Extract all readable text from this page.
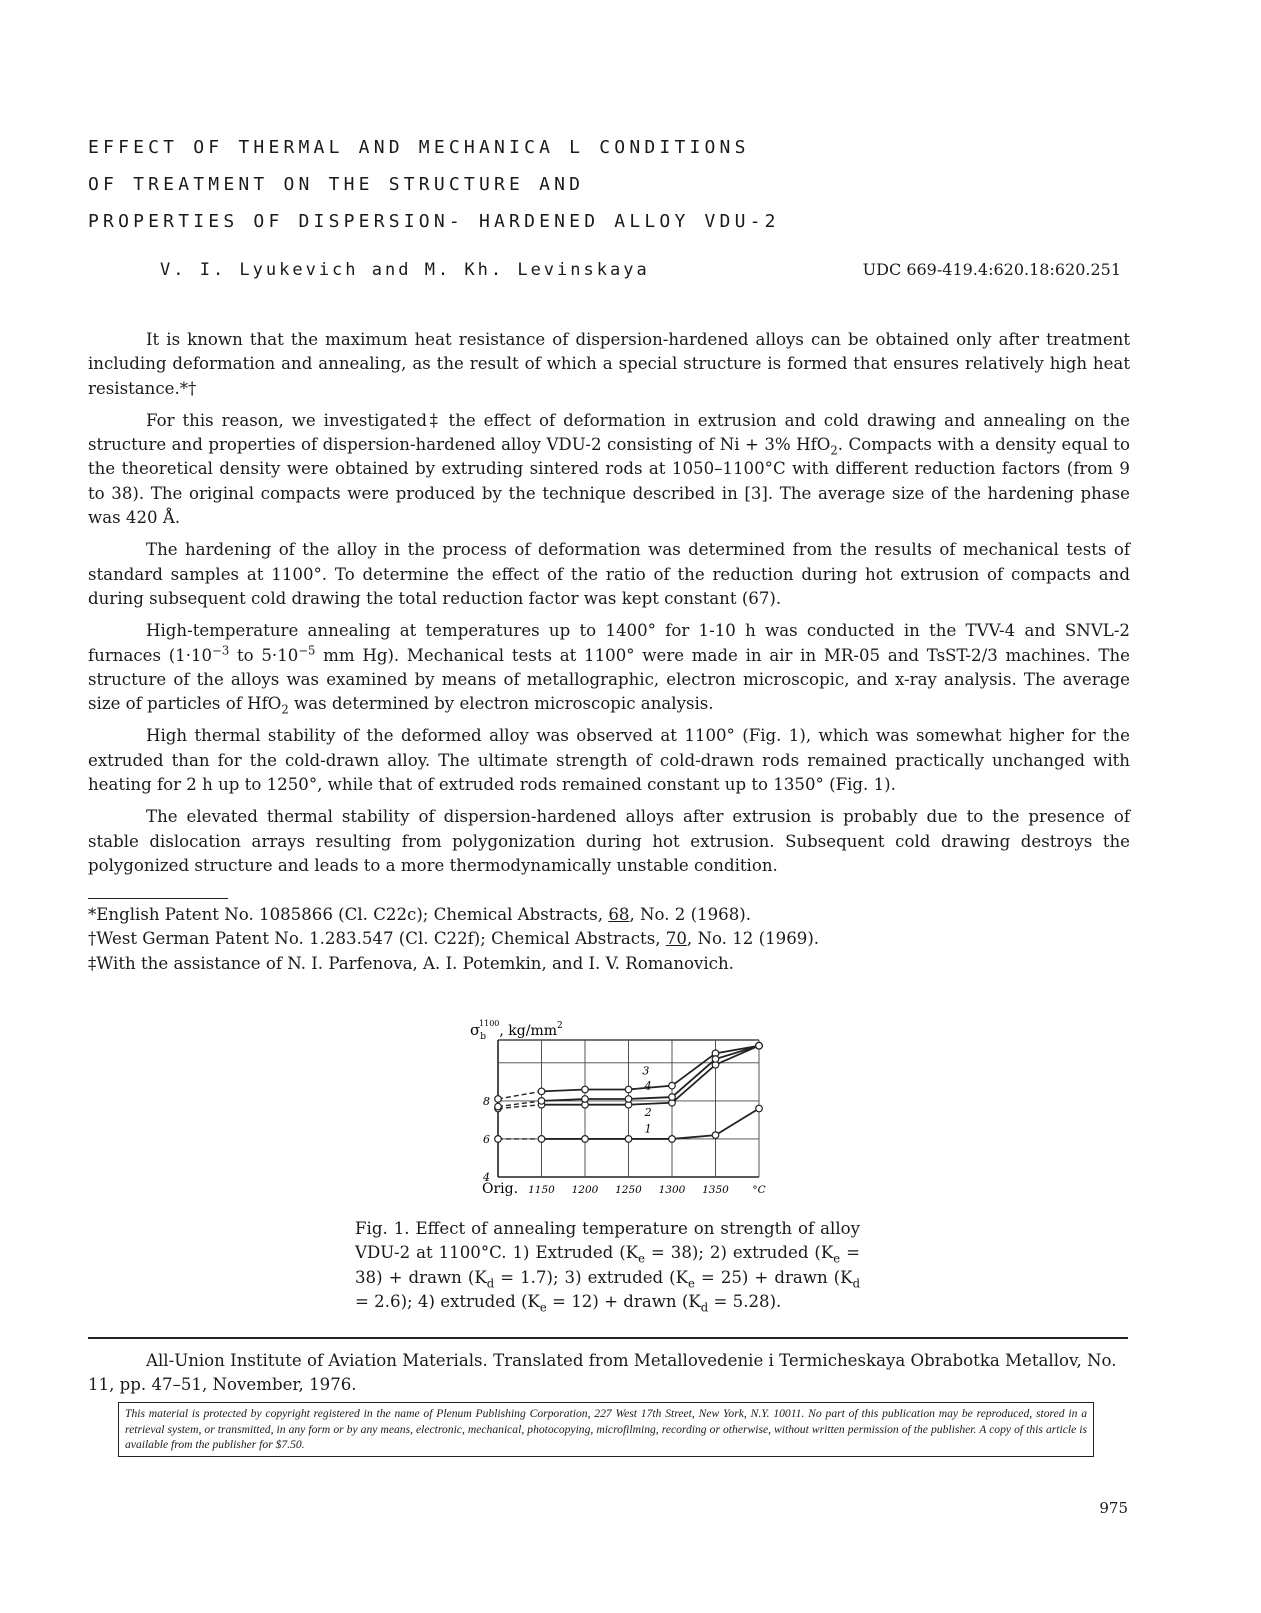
EFFECT OF THERMAL AND MECHANICA L CONDITIONS
OF TREATMENT ON THE STRUCTURE AND
PROPERTIES OF DISPERSION- HARDENED ALLOY VDU-2
V. I. Lyukevich and M. Kh. Levinskaya	UDC 669-419.4:620.18:620.251

It is known that the maximum heat resistance of dispersion-hardened alloys can be obtained only after treatment including deformation and annealing, as the result of which a special structure is formed that ensures relatively high heat resistance.*†

For this reason, we investigated‡ the effect of deformation in extrusion and cold drawing and annealing on the structure and properties of dispersion-hardened alloy VDU-2 consisting of Ni + 3% HfO$_2$. Compacts with a density equal to the theoretical density were obtained by extruding sintered rods at 1050–1100°C with different reduction factors (from 9 to 38). The original compacts were produced by the technique described in [3]. The average size of the hardening phase was 420 Å.

The hardening of the alloy in the process of deformation was determined from the results of mechanical tests of standard samples at 1100°. To determine the effect of the ratio of the reduction during hot extrusion of compacts and during subsequent cold drawing the total reduction factor was kept constant (67).

High-temperature annealing at temperatures up to 1400° for 1-10 h was conducted in the TVV-4 and SNVL-2 furnaces ($1\cdot 10^{-3}$ to $5\cdot 10^{-5}$ mm Hg). Mechanical tests at 1100° were made in air in MR-05 and TsST-2/3 machines. The structure of the alloys was examined by means of metallographic, electron microscopic, and x-ray analysis. The average size of particles of HfO$_2$ was determined by electron microscopic analysis.

High thermal stability of the deformed alloy was observed at 1100° (Fig. 1), which was somewhat higher for the extruded than for the cold-drawn alloy. The ultimate strength of cold-drawn rods remained practically unchanged with heating for 2 h up to 1250°, while that of extruded rods remained constant up to 1350° (Fig. 1).

The elevated thermal stability of dispersion-hardened alloys after extrusion is probably due to the presence of stable dislocation arrays resulting from polygonization during hot extrusion. Subsequent cold drawing destroys the polygonized structure and leads to a more thermodynamically unstable condition.

*English Patent No. 1085866 (Cl. C22c); Chemical Abstracts, 68, No. 2 (1968).
†West German Patent No. 1.283.547 (Cl. C22f); Chemical Abstracts, 70, No. 12 (1969).
‡With the assistance of N. I. Parfenova, A. I. Potemkin, and I. V. Romanovich.
$\sigma_b1100$, $kg/mm^2$
8
6
4
Orig. 1150 1200 1250 1300 1350 °C
3
4
2
1
Fig. 1. Effect of annealing temperature on strength of alloy VDU-2 at 1100°C. 1) Extruded $(K_e = 38)$; 2) extruded $(K_e = 38)$ + drawn $(K_d = 1.7)$; 3) extruded $(K_e = 25)$ + drawn $(K_d = 2.6)$; 4) extruded $(K_e = 12)$ + drawn $(K_d = 5.28)$.

All-Union Institute of Aviation Materials. Translated from Metallovedenie i Termicheskaya Obrabotka Metallov, No. 11, pp. 47–51, November, 1976.

This material is protected by copyright registered in the name of Plenum Publishing Corporation, 227 West 17th Street, New York, N.Y. 10011. No part of this publication may be reproduced, stored in a retrieval system, or transmitted, in any form or by any means, electronic, mechanical, photocopying, microfilming, recording or otherwise, without written permission of the publisher. A copy of this article is available from the publisher for $7.50.
975
